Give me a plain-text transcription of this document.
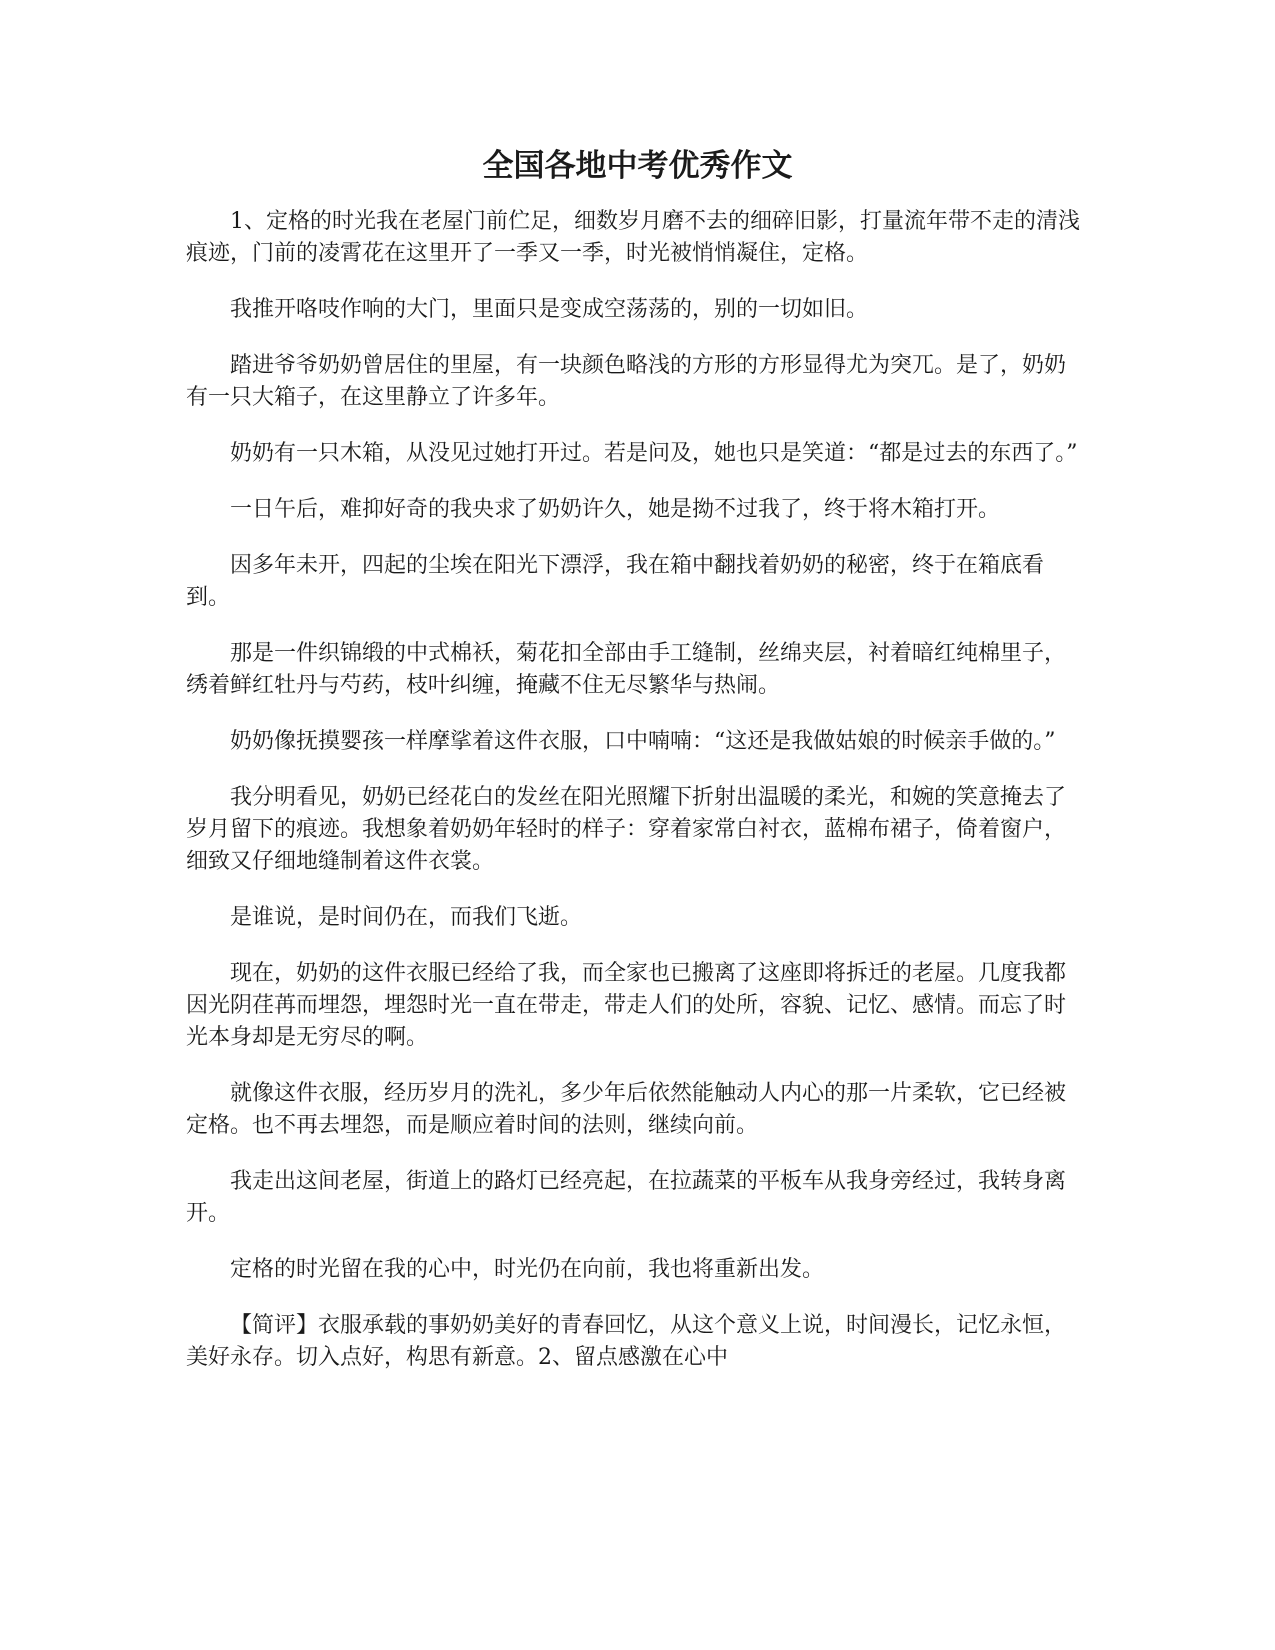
全国各地中考优秀作文

1、定格的时光我在老屋门前伫足，细数岁月磨不去的细碎旧影，打量流年带不走的清浅痕迹，门前的凌霄花在这里开了一季又一季，时光被悄悄凝住，定格。

我推开咯吱作响的大门，里面只是变成空荡荡的，别的一切如旧。

踏进爷爷奶奶曾居住的里屋，有一块颜色略浅的方形的方形显得尤为突兀。是了，奶奶有一只大箱子，在这里静立了许多年。

奶奶有一只木箱，从没见过她打开过。若是问及，她也只是笑道：“都是过去的东西了。”

一日午后，难抑好奇的我央求了奶奶许久，她是拗不过我了，终于将木箱打开。

因多年未开，四起的尘埃在阳光下漂浮，我在箱中翻找着奶奶的秘密，终于在箱底看到。

那是一件织锦缎的中式棉袄，菊花扣全部由手工缝制，丝绵夹层，衬着暗红纯棉里子，绣着鲜红牡丹与芍药，枝叶纠缠，掩藏不住无尽繁华与热闹。

奶奶像抚摸婴孩一样摩挲着这件衣服，口中喃喃：“这还是我做姑娘的时候亲手做的。”

我分明看见，奶奶已经花白的发丝在阳光照耀下折射出温暖的柔光，和婉的笑意掩去了岁月留下的痕迹。我想象着奶奶年轻时的样子：穿着家常白衬衣，蓝棉布裙子，倚着窗户，细致又仔细地缝制着这件衣裳。

是谁说，是时间仍在，而我们飞逝。

现在，奶奶的这件衣服已经给了我，而全家也已搬离了这座即将拆迁的老屋。几度我都因光阴荏苒而埋怨，埋怨时光一直在带走，带走人们的处所，容貌、记忆、感情。而忘了时光本身却是无穷尽的啊。

就像这件衣服，经历岁月的洗礼，多少年后依然能触动人内心的那一片柔软，它已经被定格。也不再去埋怨，而是顺应着时间的法则，继续向前。

我走出这间老屋，街道上的路灯已经亮起，在拉蔬菜的平板车从我身旁经过，我转身离开。

定格的时光留在我的心中，时光仍在向前，我也将重新出发。

【简评】衣服承载的事奶奶美好的青春回忆，从这个意义上说，时间漫长，记忆永恒，美好永存。切入点好，构思有新意。2、留点感激在心中
